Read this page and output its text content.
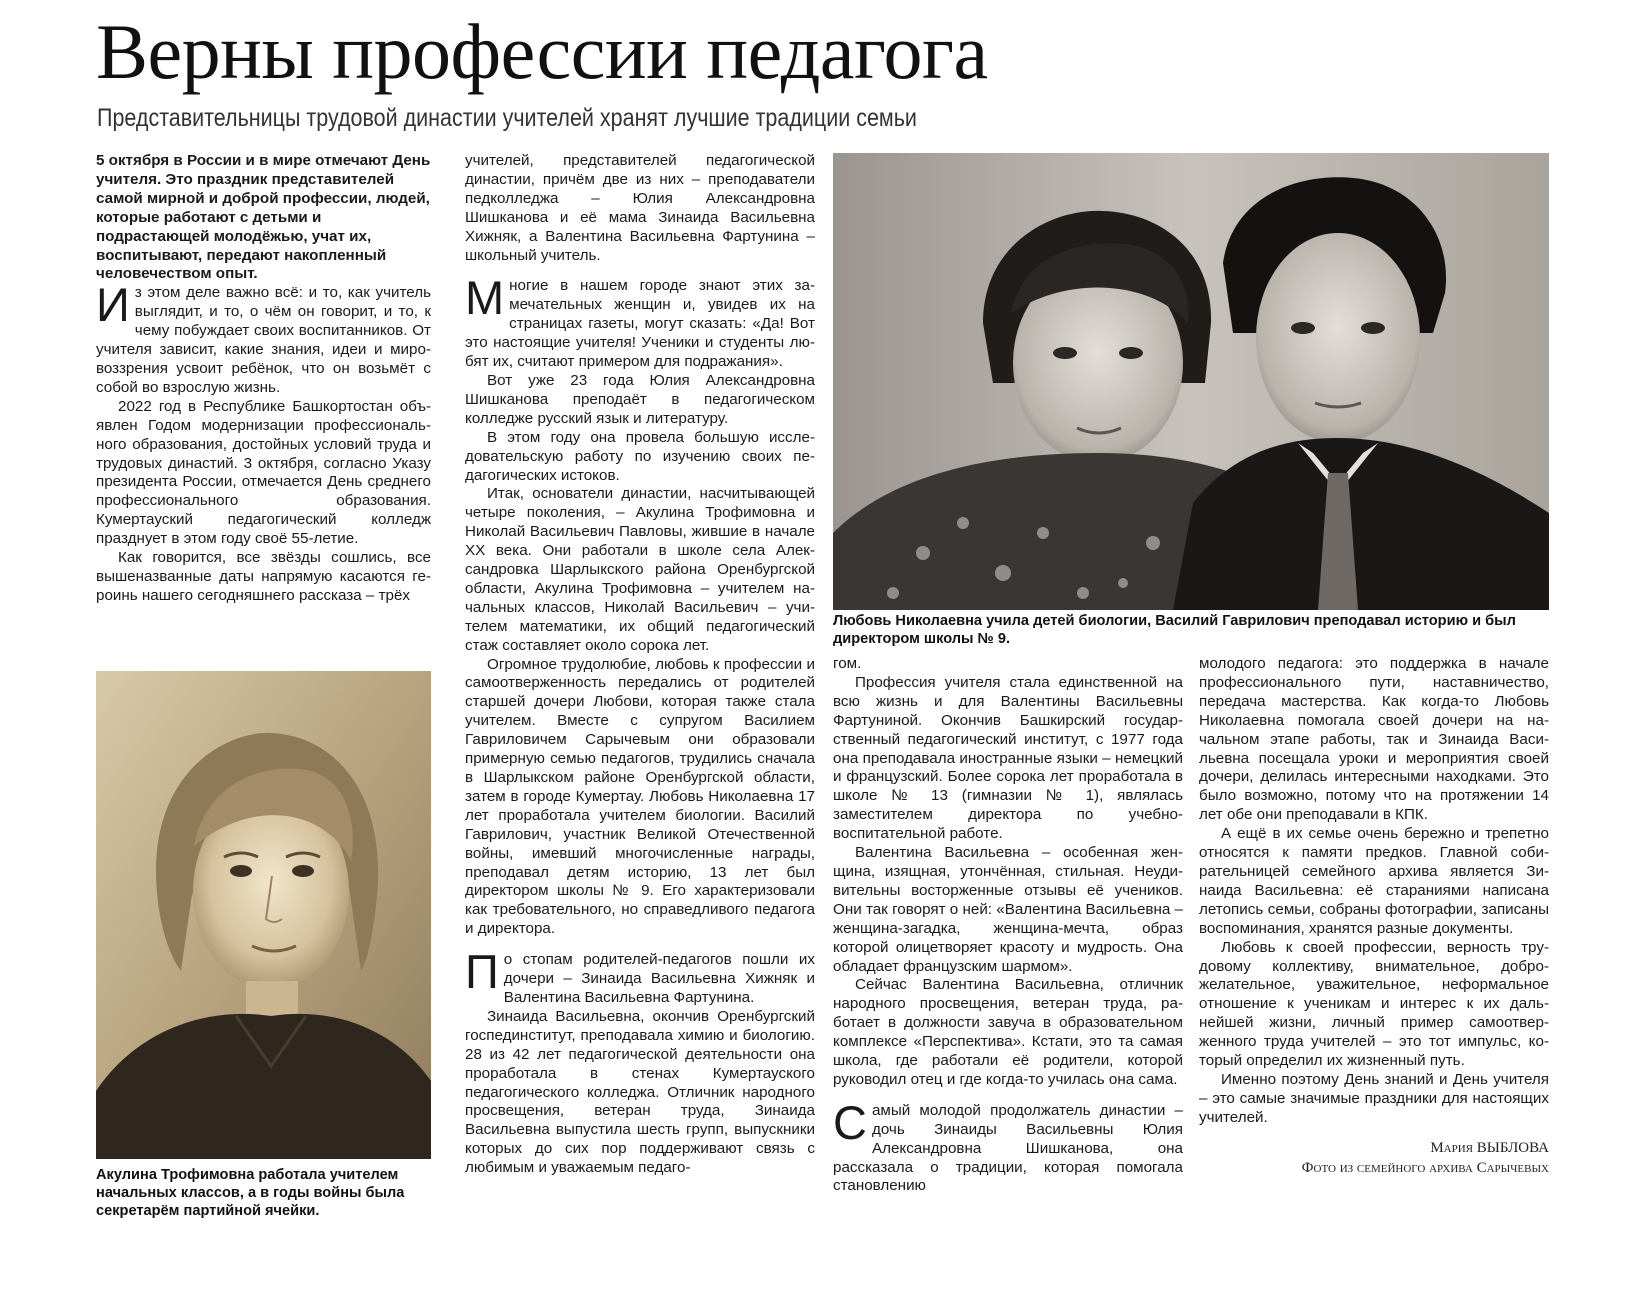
Верны профессии педагога
Представительницы трудовой династии учителей хранят лучшие традиции семьи

5 октября в России и в мире отмечают День учителя. Это праздник представителей самой мирной и доброй профессии, людей, которые работают с детьми и подрастающей молодёжью, учат их, воспитывают, передают накопленный человечеством опыт.

Из этом деле важно всё: и то, как учитель выглядит, и то, о чём он говорит, и то, к чему побуждает своих воспитанников. От учителя зависит, какие знания, идеи и мировоззрения усвоит ребёнок, что он возьмёт с собой во взрослую жизнь.

2022 год в Республике Башкортостан объявлен Годом модернизации профессионального образования, достойных условий труда и трудовых династий. 3 октября, согласно Указу президента России, отмечается День среднего профессионального образования. Кумертауский педагогический колледж празднует в этом году своё 55-летие.

Как говорится, все звёзды сошлись, все вышеназванные даты напрямую касаются героинь нашего сегодняшнего рассказа – трёх

Акулина Трофимовна работала учителем начальных классов, а в годы войны была секретарём партийной ячейки.

учителей, представителей педагогической династии, причём две из них – преподаватели педколледжа – Юлия Александровна Шишканова и её мама Зинаида Васильевна Хижняк, а Валентина Васильевна Фартунина – школьный учитель.

Многие в нашем городе знают этих замечательных женщин и, увидев их на страницах газеты, могут сказать: «Да! Вот это настоящие учителя! Ученики и студенты любят их, считают примером для подражания».

Вот уже 23 года Юлия Александровна Шишканова преподаёт в педагогическом колледже русский язык и литературу.

В этом году она провела большую исследовательскую работу по изучению своих педагогических истоков.

Итак, основатели династии, насчитывающей четыре поколения, – Акулина Трофимовна и Николай Васильевич Павловы, жившие в начале XX века. Они работали в школе села Александровка Шарлыкского района Оренбургской области, Акулина Трофимовна – учителем начальных классов, Николай Васильевич – учителем математики, их общий педагогический стаж составляет около сорока лет.

Огромное трудолюбие, любовь к профессии и самоотверженность передались от родителей старшей дочери Любови, которая также стала учителем. Вместе с супругом Василием Гавриловичем Сарычевым они образовали примерную семью педагогов, трудились сначала в Шарлыкском районе Оренбургской области, затем в городе Кумертау. Любовь Николаевна 17 лет проработала учителем биологии. Василий Гаврилович, участник Великой Отечественной войны, имевший многочисленные награды, преподавал детям историю, 13 лет был директором школы № 9. Его характеризовали как требовательного, но справедливого педагога и директора.

По стопам родителей-педагогов пошли их дочери – Зинаида Васильевна Хижняк и Валентина Васильевна Фартунина.

Зинаида Васильевна, окончив Оренбургский госпединститут, преподавала химию и биологию. 28 из 42 лет педагогической деятельности она проработала в стенах Кумертауского педагогического колледжа. Отличник народного просвещения, ветеран труда, Зинаида Васильевна выпустила шесть групп, выпускники которых до сих пор поддерживают связь с любимым и уважаемым педаго-

Любовь Николаевна учила детей биологии, Василий Гаврилович преподавал историю и был директором школы № 9.

гом.

Профессия учителя стала единственной на всю жизнь и для Валентины Васильевны Фартуниной. Окончив Башкирский государственный педагогический институт, с 1977 года она преподавала иностранные языки – немецкий и французский. Более сорока лет проработала в школе № 13 (гимназии № 1), являлась заместителем директора по учебно-воспитательной работе.

Валентина Васильевна – особенная женщина, изящная, утончённая, стильная. Неудивительны восторженные отзывы её учеников. Они так говорят о ней: «Валентина Васильевна – женщина-загадка, женщина-мечта, образ которой олицетворяет красоту и мудрость. Она обладает французским шармом».

Сейчас Валентина Васильевна, отличник народного просвещения, ветеран труда, работает в должности завуча в образовательном комплексе «Перспектива». Кстати, это та самая школа, где работали её родители, которой руководил отец и где когда-то училась она сама.

Самый молодой продолжатель династии – дочь Зинаиды Васильевны Юлия Александровна Шишканова, она рассказала о традиции, которая помогала становлению

молодого педагога: это поддержка в начале профессионального пути, наставничество, передача мастерства. Как когда-то Любовь Николаевна помогала своей дочери на начальном этапе работы, так и Зинаида Васильевна посещала уроки и мероприятия своей дочери, делилась интересными находками. Это было возможно, потому что на протяжении 14 лет обе они преподавали в КПК.

А ещё в их семье очень бережно и трепетно относятся к памяти предков. Главной собирательницей семейного архива является Зинаида Васильевна: её стараниями написана летопись семьи, собраны фотографии, записаны воспоминания, хранятся разные документы.

Любовь к своей профессии, верность трудовому коллективу, внимательное, доброжелательное, уважительное, неформальное отношение к ученикам и интерес к их дальнейшей жизни, личный пример самоотверженного труда учителей – это тот импульс, который определил их жизненный путь.

Именно поэтому День знаний и День учителя – это самые значимые праздники для настоящих учителей.

Мария ВЫБЛОВА
Фото из семейного архива Сарычевых
